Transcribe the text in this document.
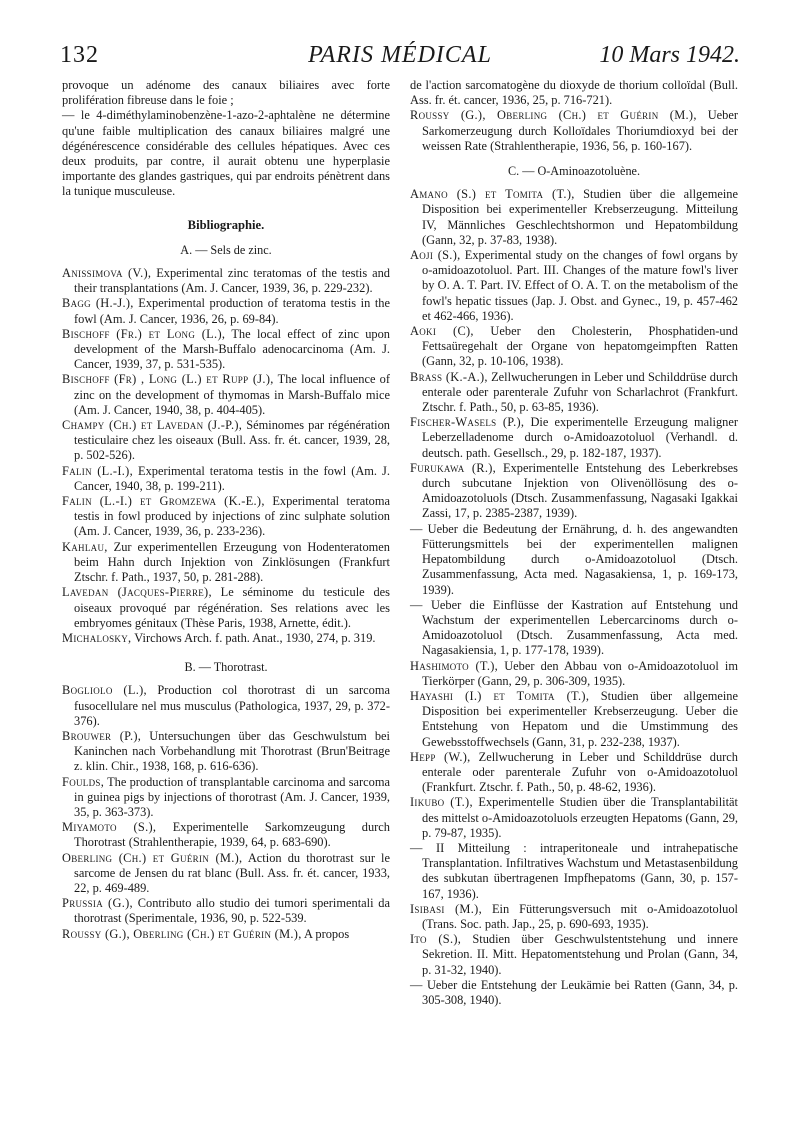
132	PARIS MÉDICAL	10 Mars 1942.

provoque un adénome des canaux biliaires avec forte prolifération fibreuse dans le foie ;

— le 4-diméthylaminobenzène-1-azo-2-aphtalène ne détermine qu'une faible multiplication des canaux biliaires malgré une dégénérescence considérable des cellules hépatiques. Avec ces deux produits, par contre, il aurait obtenu une hyperplasie importante des glandes gastriques, qui par endroits pénètrent dans la tunique musculeuse.

Bibliographie.
A. — Sels de zinc.
Anissimova (V.), Experimental zinc teratomas of the testis and their transplantations (Am. J. Cancer, 1939, 36, p. 229-232).
Bagg (H.-J.), Experimental production of teratoma testis in the fowl (Am. J. Cancer, 1936, 26, p. 69-84).
Bischoff (Fr.) et Long (L.), The local effect of zinc upon development of the Marsh-Buffalo adenocarcinoma (Am. J. Cancer, 1939, 37, p. 531-535).
Bischoff (Fr) , Long (L.) et Rupp (J.), The local influence of zinc on the development of thymomas in Marsh-Buffalo mice (Am. J. Cancer, 1940, 38, p. 404-405).
Champy (Ch.) et Lavedan (J.-P.), Séminomes par régénération testiculaire chez les oiseaux (Bull. Ass. fr. ét. cancer, 1939, 28, p. 502-526).
Falin (L.-I.), Experimental teratoma testis in the fowl (Am. J. Cancer, 1940, 38, p. 199-211).
Falin (L.-I.) et Gromzewa (K.-E.), Experimental teratoma testis in fowl produced by injections of zinc sulphate solution (Am. J. Cancer, 1939, 36, p. 233-236).
Kahlau, Zur experimentellen Erzeugung von Hodenteratomen beim Hahn durch Injektion von Zinklösungen (Frankfurt Ztschr. f. Path., 1937, 50, p. 281-288).
Lavedan (Jacques-Pierre), Le séminome du testicule des oiseaux provoqué par régénération. Ses relations avec les embryomes génitaux (Thèse Paris, 1938, Arnette, édit.).
Michalosky, Virchows Arch. f. path. Anat., 1930, 274, p. 319.
B. — Thorotrast.
Bogliolo (L.), Production col thorotrast di un sarcoma fusocellulare nel mus musculus (Pathologica, 1937, 29, p. 372-376).
Brouwer (P.), Untersuchungen über das Geschwulstum bei Kaninchen nach Vorbehandlung mit Thorotrast (Brun'Beitrage z. klin. Chir., 1938, 168, p. 616-636).
Foulds, The production of transplantable carcinoma and sarcoma in guinea pigs by injections of thorotrast (Am. J. Cancer, 1939, 35, p. 363-373).
Miyamoto (S.), Experimentelle Sarkomzeugung durch Thorotrast (Strahlentherapie, 1939, 64, p. 683-690).
Oberling (Ch.) et Guérin (M.), Action du thorotrast sur le sarcome de Jensen du rat blanc (Bull. Ass. fr. ét. cancer, 1933, 22, p. 469-489.
Prussia (G.), Contributo allo studio dei tumori sperimentali da thorotrast (Sperimentale, 1936, 90, p. 522-539.
Roussy (G.), Oberling (Ch.) et Guérin (M.), A propos

de l'action sarcomatogène du dioxyde de thorium colloïdal (Bull. Ass. fr. ét. cancer, 1936, 25, p. 716-721).

Roussy (G.), Oberling (Ch.) et Guérin (M.), Ueber Sarkomerzeugung durch Kolloïdales Thoriumdioxyd bei der weissen Rate (Strahlentherapie, 1936, 56, p. 160-167).
C. — O-Aminoazotoluène.
Amano (S.) et Tomita (T.), Studien über die allgemeine Disposition bei experimenteller Krebserzeugung. Mitteilung IV, Männliches Geschlechtshormon und Hepatombildung (Gann, 32, p. 37-83, 1938).
Aoji (S.), Experimental study on the changes of fowl organs by o-amidoazotoluol. Part. III. Changes of the mature fowl's liver by O. A. T. Part. IV. Effect of O. A. T. on the metabolism of the fowl's hepatic tissues (Jap. J. Obst. and Gynec., 19, p. 457-462 et 462-466, 1936).
Aoki (C), Ueber den Cholesterin, Phosphatiden-und Fettsaüregehalt der Organe von hepatomgeimpften Ratten (Gann, 32, p. 10-106, 1938).
Brass (K.-A.), Zellwucherungen in Leber und Schilddrüse durch enterale oder parenterale Zufuhr von Scharlachrot (Frankfurt. Ztschr. f. Path., 50, p. 63-85, 1936).
Fischer-Wasels (P.), Die experimentelle Erzeugung maligner Leberzelladenome durch o-Amidoazotoluol (Verhandl. d. deutsch. path. Gesellsch., 29, p. 182-187, 1937).
Furukawa (R.), Experimentelle Entstehung des Leberkrebses durch subcutane Injektion von Olivenöllösung des o-Amidoazotoluols (Dtsch. Zusammenfassung, Nagasaki Igakkai Zassi, 17, p. 2385-2387, 1939).
— Ueber die Bedeutung der Ernährung, d. h. des angewandten Fütterungsmittels bei der experimentellen malignen Hepatombildung durch o-Amidoazotoluol (Dtsch. Zusammenfassung, Acta med. Nagasakiensa, 1, p. 169-173, 1939).
— Ueber die Einflüsse der Kastration auf Entstehung und Wachstum der experimentellen Lebercarcinoms durch o-Amidoazotoluol (Dtsch. Zusammenfassung, Acta med. Nagasakiensia, 1, p. 177-178, 1939).
Hashimoto (T.), Ueber den Abbau von o-Amidoazotoluol im Tierkörper (Gann, 29, p. 306-309, 1935).
Hayashi (I.) et Tomita (T.), Studien über allgemeine Disposition bei experimenteller Krebserzeugung. Ueber die Entstehung von Hepatom und die Umstimmung des Gewebsstoffwechsels (Gann, 31, p. 232-238, 1937).
Hepp (W.), Zellwucherung in Leber und Schilddrüse durch enterale oder parenterale Zufuhr von o-Amidoazotoluol (Frankfurt. Ztschr. f. Path., 50, p. 48-62, 1936).
Iikubo (T.), Experimentelle Studien über die Transplantabilität des mittelst o-Amidoazotoluols erzeugten Hepatoms (Gann, 29, p. 79-87, 1935).
— II Mitteilung : intraperitoneale und intrahepatische Transplantation. Infiltratives Wachstum und Metastasenbildung des subkutan übertragenen Impfhepatoms (Gann, 30, p. 157-167, 1936).
Isibasi (M.), Ein Fütterungsversuch mit o-Amidoazotoluol (Trans. Soc. path. Jap., 25, p. 690-693, 1935).
Ito (S.), Studien über Geschwulstentstehung und innere Sekretion. II. Mitt. Hepatomentstehung und Prolan (Gann, 34, p. 31-32, 1940).
— Ueber die Entstehung der Leukämie bei Ratten (Gann, 34, p. 305-308, 1940).
